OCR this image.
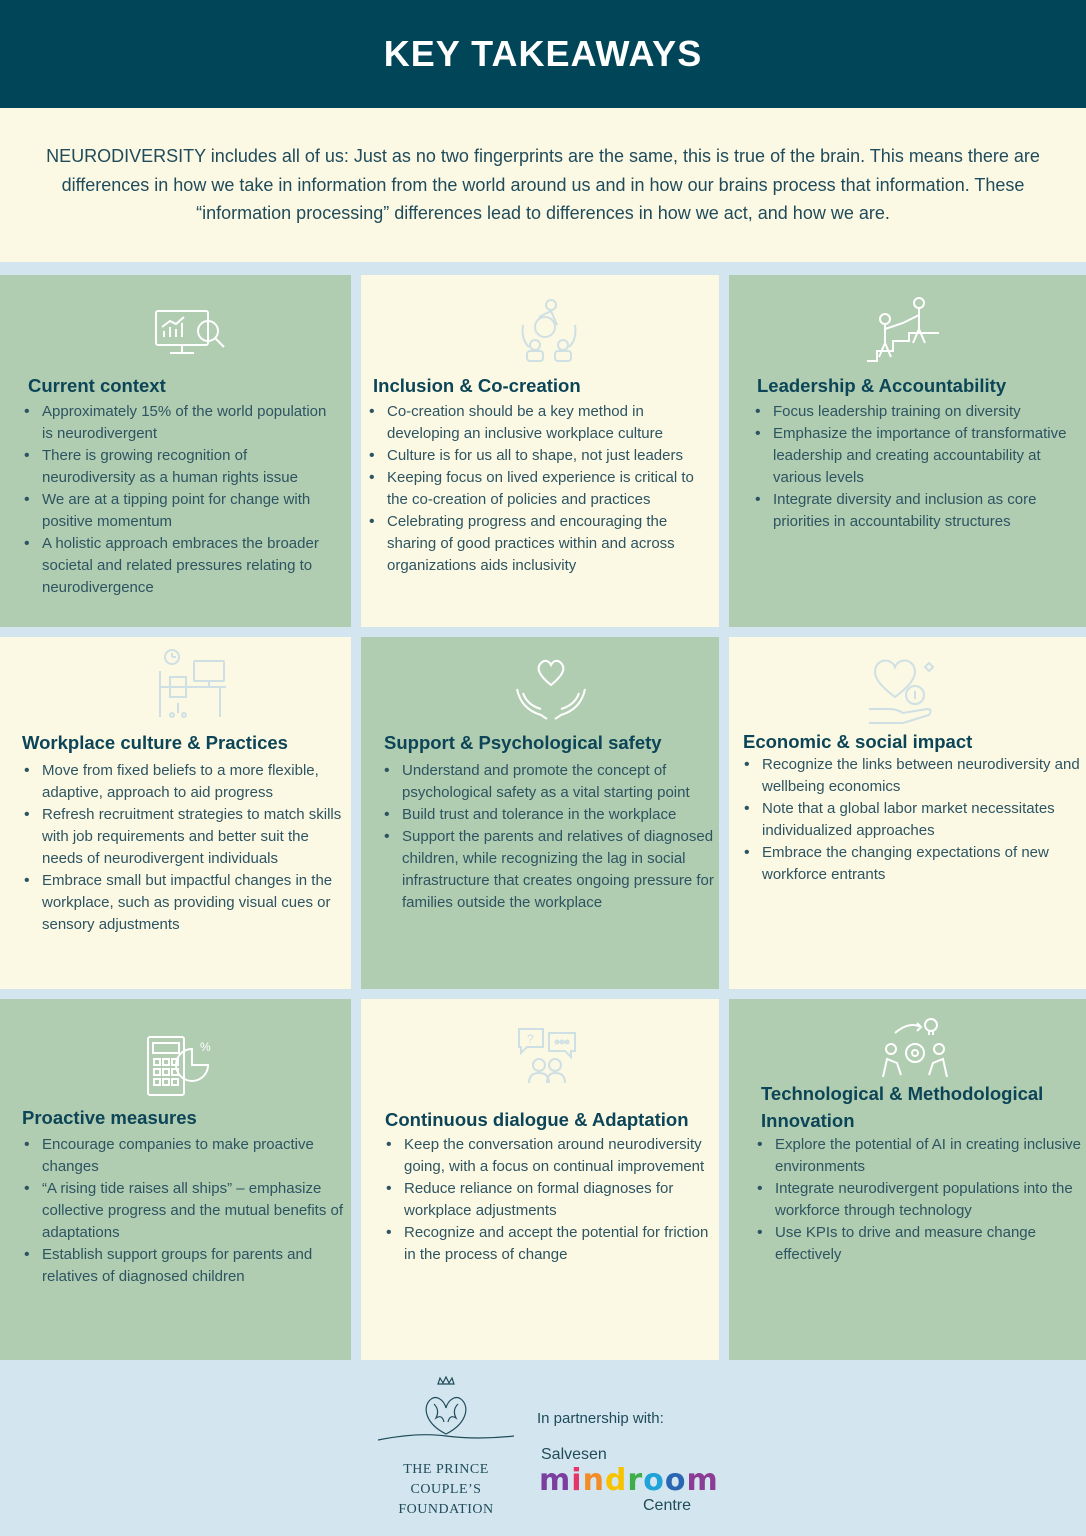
KEY TAKEAWAYS

NEURODIVERSITY includes all of us: Just as no two fingerprints are the same, this is true of the brain. This means there are differences in how we take in information from the world around us and in how our brains process that information. These “information processing” differences lead to differences in how we act, and how we are.

Current context
• Approximately 15% of the world population is neurodivergent
• There is growing recognition of neurodiversity as a human rights issue
• We are at a tipping point for change with positive momentum
• A holistic approach embraces the broader societal and related pressures relating to neurodivergence
Inclusion & Co-creation
• Co-creation should be a key method in developing an inclusive workplace culture
• Culture is for us all to shape, not just leaders
• Keeping focus on lived experience is critical to the co-creation of policies and practices
• Celebrating progress and encouraging the sharing of good practices within and across organizations aids inclusivity
Leadership & Accountability
• Focus leadership training on diversity
• Emphasize the importance of transformative leadership and creating accountability at various levels
• Integrate diversity and inclusion as core priorities in accountability structures
Workplace culture & Practices
• Move from fixed beliefs to a more flexible, adaptive, approach to aid progress
• Refresh recruitment strategies to match skills with job requirements and better suit the needs of neurodivergent individuals
• Embrace small but impactful changes in the workplace, such as providing visual cues or sensory adjustments
Support & Psychological safety
• Understand and promote the concept of psychological safety as a vital starting point
• Build trust and tolerance in the workplace
• Support the parents and relatives of diagnosed children, while recognizing the lag in social infrastructure that creates ongoing pressure for families outside the workplace
Economic & social impact
• Recognize the links between neurodiversity and wellbeing economics
• Note that a global labor market necessitates individualized approaches
• Embrace the changing expectations of new workforce entrants
%
Proactive measures
• Encourage companies to make proactive changes
• “A rising tide raises all ships” – emphasize collective progress and the mutual benefits of adaptations
• Establish support groups for parents and relatives of diagnosed children
?
Continuous dialogue & Adaptation
• Keep the conversation around neurodiversity going, with a focus on continual improvement
• Reduce reliance on formal diagnoses for workplace adjustments
• Recognize and accept the potential for friction in the process of change
Technological & Methodological Innovation
• Explore the potential of AI in creating inclusive environments
• Integrate neurodivergent populations into the workforce through technology
• Use KPIs to drive and measure change effectively
THE PRINCE COUPLE’S FOUNDATION
In partnership with:
Salvesen
mindroom
Centre
